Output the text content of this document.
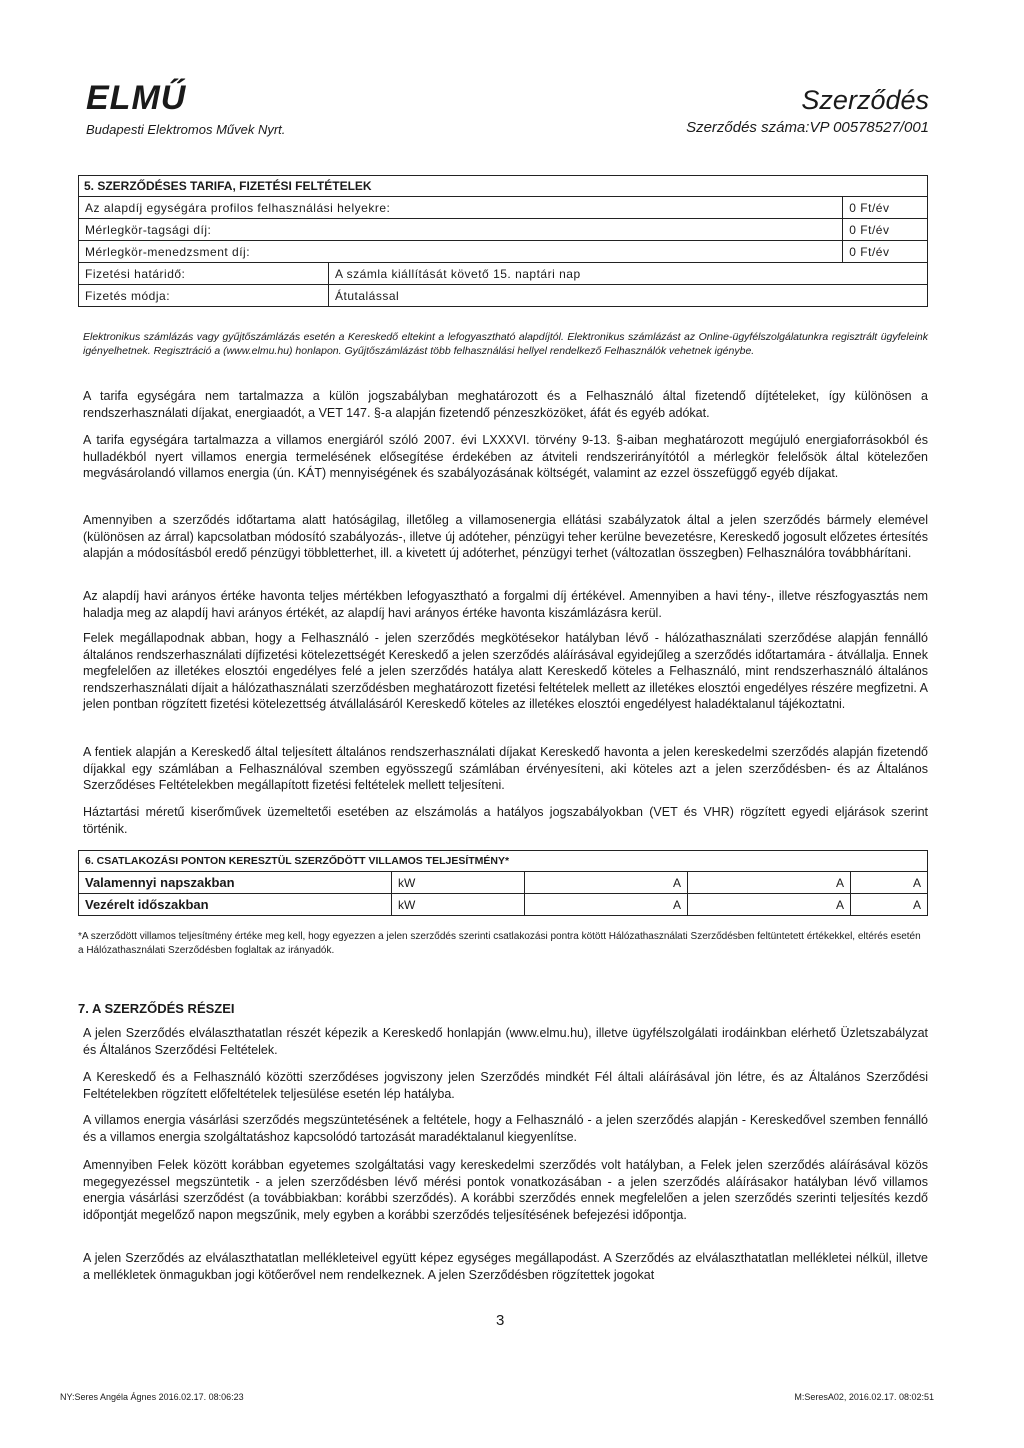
ELMŰ
Budapesti Elektromos Művek Nyrt.
Szerződés
Szerződés száma:VP 00578527/001
5. SZERZŐDÉSES TARIFA, FIZETÉSI FELTÉTELEK
Az alapdíj egységára profilos felhasználási helyekre:		0 Ft/év
Mérlegkör-tagsági díj:		0 Ft/év
Mérlegkör-menedzsment díj:		0 Ft/év
Fizetési határidő:	A számla kiállítását követő 15. naptári nap	
Fizetés módja:	Átutalással	
Elektronikus számlázás vagy gyűjtőszámlázás esetén a Kereskedő eltekint a lefogyasztható alapdíjtól. Elektronikus számlázást az Online-ügyfélszolgálatunkra regisztrált ügyfeleink igényelhetnek. Regisztráció a (www.elmu.hu) honlapon. Gyűjtőszámlázást több felhasználási hellyel rendelkező Felhasználók vehetnek igénybe.
A tarifa egységára nem tartalmazza a külön jogszabályban meghatározott és a Felhasználó által fizetendő díjtételeket, így különösen a rendszerhasználati díjakat, energiaadót, a VET 147. §-a alapján fizetendő pénzeszközöket, áfát és egyéb adókat.
A tarifa egységára tartalmazza a villamos energiáról szóló 2007. évi LXXXVI. törvény 9-13. §-aiban meghatározott megújuló energiaforrásokból és hulladékból nyert villamos energia termelésének elősegítése érdekében az átviteli rendszerirányítótól a mérlegkör felelősök által kötelezően megvásárolandó villamos energia (ún. KÁT) mennyiségének és szabályozásának költségét, valamint az ezzel összefüggő egyéb díjakat.
Amennyiben a szerződés időtartama alatt hatóságilag, illetőleg a villamosenergia ellátási szabályzatok által a jelen szerződés bármely elemével (különösen az árral) kapcsolatban módosító szabályozás-, illetve új adóteher, pénzügyi teher kerülne bevezetésre, Kereskedő jogosult előzetes értesítés alapján a módosításból eredő pénzügyi többletterhet, ill. a kivetett új adóterhet, pénzügyi terhet (változatlan összegben) Felhasználóra továbbhárítani.
Az alapdíj havi arányos értéke havonta teljes mértékben lefogyasztható a forgalmi díj értékével. Amennyiben a havi tény-, illetve részfogyasztás nem haladja meg az alapdíj havi arányos értékét, az alapdíj havi arányos értéke havonta kiszámlázásra kerül.
Felek megállapodnak abban, hogy a Felhasználó - jelen szerződés megkötésekor hatályban lévő - hálózathasználati szerződése alapján fennálló általános rendszerhasználati díjfizetési kötelezettségét Kereskedő a jelen szerződés aláírásával egyidejűleg a szerződés időtartamára - átvállalja. Ennek megfelelően az illetékes elosztói engedélyes felé a jelen szerződés hatálya alatt Kereskedő köteles a Felhasználó, mint rendszerhasználó általános rendszerhasználati díjait a hálózathasználati szerződésben meghatározott fizetési feltételek mellett az illetékes elosztói engedélyes részére megfizetni. A jelen pontban rögzített fizetési kötelezettség átvállalásáról Kereskedő köteles az illetékes elosztói engedélyest haladéktalanul tájékoztatni.
A fentiek alapján a Kereskedő által teljesített általános rendszerhasználati díjakat Kereskedő havonta a jelen kereskedelmi szerződés alapján fizetendő díjakkal egy számlában a Felhasználóval szemben egyösszegű számlában érvényesíteni, aki köteles azt a jelen szerződésben- és az Általános Szerződéses Feltételekben megállapított fizetési feltételek mellett teljesíteni.
Háztartási méretű kiserőművek üzemeltetői esetében az elszámolás a hatályos jogszabályokban (VET és VHR) rögzített egyedi eljárások szerint történik.
6. CSATLAKOZÁSI PONTON KERESZTÜL SZERZŐDÖTT VILLAMOS TELJESÍTMÉNY*				
Valamennyi napszakban	kW	A	A	A
Vezérelt időszakban	kW	A	A	A
*A szerződött villamos teljesítmény értéke meg kell, hogy egyezzen a jelen szerződés szerinti csatlakozási pontra kötött Hálózathasználati Szerződésben feltüntetett értékekkel, eltérés esetén a Hálózathasználati Szerződésben foglaltak az irányadók.
7. A SZERZŐDÉS RÉSZEI
A jelen Szerződés elválaszthatatlan részét képezik a Kereskedő honlapján (www.elmu.hu), illetve ügyfélszolgálati irodáinkban elérhető Üzletszabályzat és Általános Szerződési Feltételek.
A Kereskedő és a Felhasználó közötti szerződéses jogviszony jelen Szerződés mindkét Fél általi aláírásával jön létre, és az Általános Szerződési Feltételekben rögzített előfeltételek teljesülése esetén lép hatályba.
A villamos energia vásárlási szerződés megszüntetésének a feltétele, hogy a Felhasználó - a jelen szerződés alapján - Kereskedővel szemben fennálló és a villamos energia szolgáltatáshoz kapcsolódó tartozását maradéktalanul kiegyenlítse.
Amennyiben Felek között korábban egyetemes szolgáltatási vagy kereskedelmi szerződés volt hatályban, a Felek jelen szerződés aláírásával közös megegyezéssel megszüntetik - a jelen szerződésben lévő mérési pontok vonatkozásában - a jelen szerződés aláírásakor hatályban lévő villamos energia vásárlási szerződést (a továbbiakban: korábbi szerződés). A korábbi szerződés ennek megfelelően a jelen szerződés szerinti teljesítés kezdő időpontját megelőző napon megszűnik, mely egyben a korábbi szerződés teljesítésének befejezési időpontja.
A jelen Szerződés az elválaszthatatlan mellékleteivel együtt képez egységes megállapodást. A Szerződés az elválaszthatatlan mellékletei nélkül, illetve a mellékletek önmagukban jogi kötőerővel nem rendelkeznek. A jelen Szerződésben rögzítettek jogokat
3
NY:Seres Angéla Ágnes 2016.02.17. 08:06:23	M:SeresA02, 2016.02.17. 08:02:51
